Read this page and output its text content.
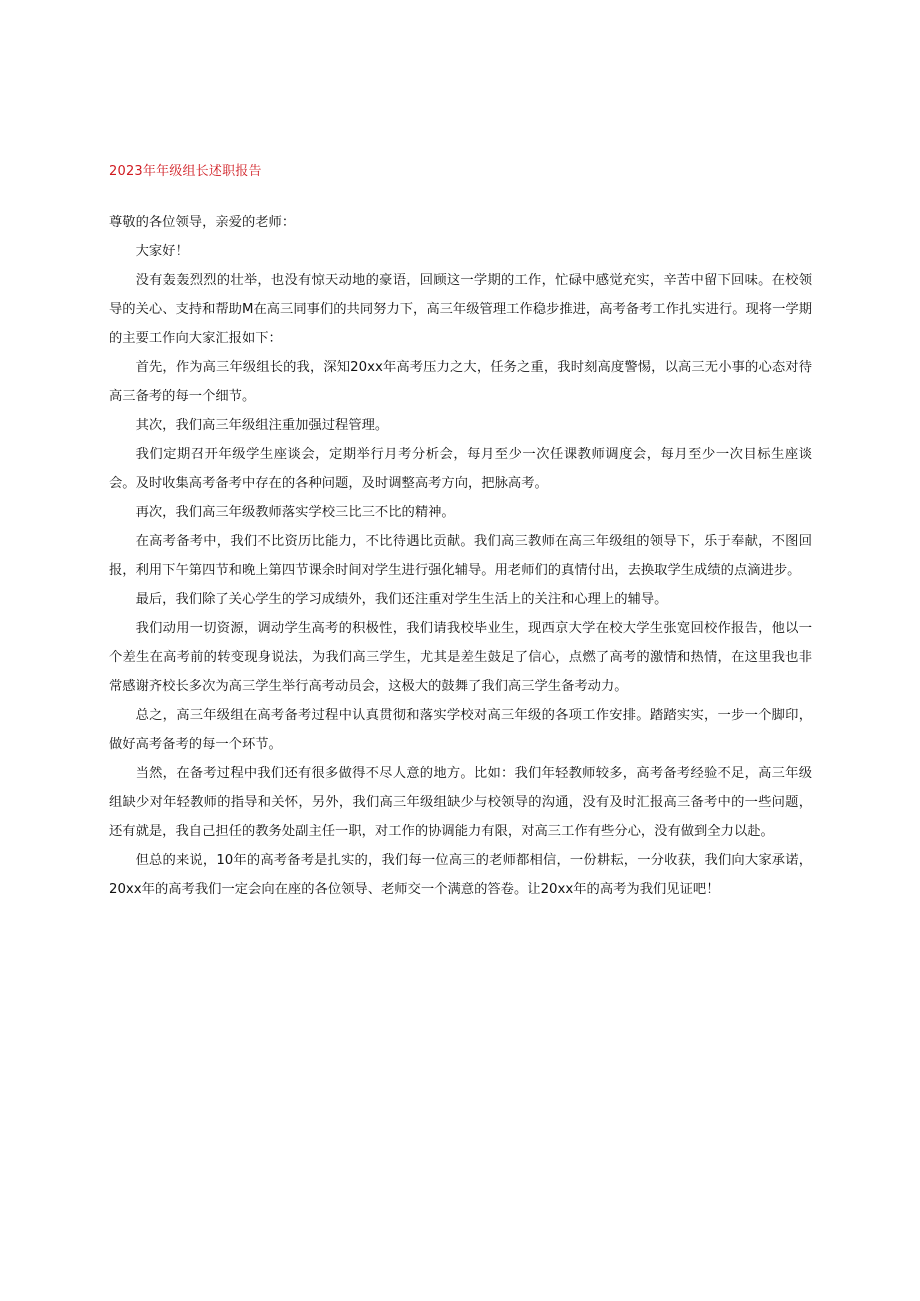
2023年年级组长述职报告

尊敬的各位领导，亲爱的老师：

大家好！

没有轰轰烈烈的壮举，也没有惊天动地的豪语，回顾这一学期的工作，忙碌中感觉充实，辛苦中留下回味。在校领导的关心、支持和帮助M在高三同事们的共同努力下，高三年级管理工作稳步推进，高考备考工作扎实进行。现将一学期的主要工作向大家汇报如下：

首先，作为高三年级组长的我，深知20xx年高考压力之大，任务之重，我时刻高度警惕，以高三无小事的心态对待高三备考的每一个细节。

其次，我们高三年级组注重加强过程管理。

我们定期召开年级学生座谈会，定期举行月考分析会，每月至少一次任课教师调度会，每月至少一次目标生座谈会。及时收集高考备考中存在的各种问题，及时调整高考方向，把脉高考。

再次，我们高三年级教师落实学校三比三不比的精神。

在高考备考中，我们不比资历比能力，不比待遇比贡献。我们高三教师在高三年级组的领导下，乐于奉献，不图回报，利用下午第四节和晚上第四节课余时间对学生进行强化辅导。用老师们的真情付出，去换取学生成绩的点滴进步。

最后，我们除了关心学生的学习成绩外，我们还注重对学生生活上的关注和心理上的辅导。

我们动用一切资源，调动学生高考的积极性，我们请我校毕业生，现西京大学在校大学生张宽回校作报告，他以一个差生在高考前的转变现身说法，为我们高三学生，尤其是差生鼓足了信心，点燃了高考的激情和热情，在这里我也非常感谢齐校长多次为高三学生举行高考动员会，这极大的鼓舞了我们高三学生备考动力。

总之，高三年级组在高考备考过程中认真贯彻和落实学校对高三年级的各项工作安排。踏踏实实，一步一个脚印，做好高考备考的每一个环节。

当然，在备考过程中我们还有很多做得不尽人意的地方。比如：我们年轻教师较多，高考备考经验不足，高三年级组缺少对年轻教师的指导和关怀，另外，我们高三年级组缺少与校领导的沟通，没有及时汇报高三备考中的一些问题，还有就是，我自己担任的教务处副主任一职，对工作的协调能力有限，对高三工作有些分心，没有做到全力以赴。

但总的来说，10年的高考备考是扎实的，我们每一位高三的老师都相信，一份耕耘，一分收获，我们向大家承诺，20xx年的高考我们一定会向在座的各位领导、老师交一个满意的答卷。让20xx年的高考为我们见证吧！
